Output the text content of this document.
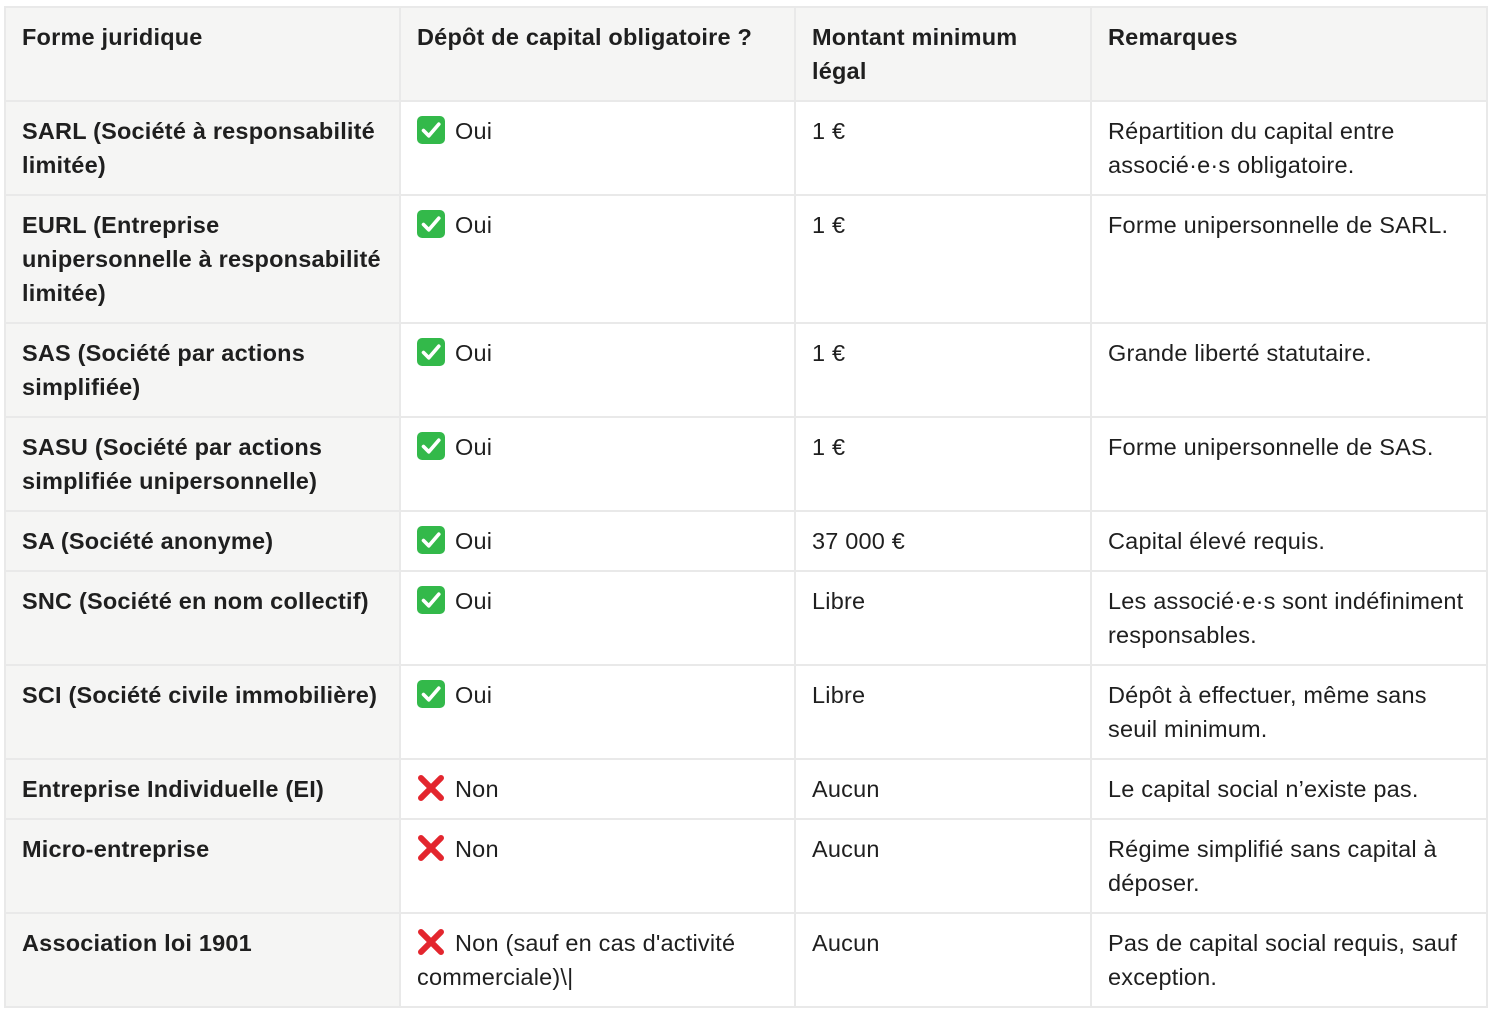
Forme juridique	Dépôt de capital obligatoire ?	Montant minimum légal	Remarques
SARL (Société à responsabilité limitée)	Oui	1 €	Répartition du capital entre associé·e·s obligatoire.
EURL (Entreprise unipersonnelle à responsabilité limitée)	Oui	1 €	Forme unipersonnelle de SARL.
SAS (Société par actions simplifiée)	Oui	1 €	Grande liberté statutaire.
SASU (Société par actions simplifiée unipersonnelle)	Oui	1 €	Forme unipersonnelle de SAS.
SA (Société anonyme)	Oui	37 000 €	Capital élevé requis.
SNC (Société en nom collectif)	Oui	Libre	Les associé·e·s sont indéfiniment responsables.
SCI (Société civile immobilière)	Oui	Libre	Dépôt à effectuer, même sans seuil minimum.
Entreprise Individuelle (EI)	Non	Aucun	Le capital social n’existe pas.
Micro-entreprise	Non	Aucun	Régime simplifié sans capital à déposer.
Association loi 1901	Non (sauf en cas d'activité commerciale)\|	Aucun	Pas de capital social requis, sauf exception.
